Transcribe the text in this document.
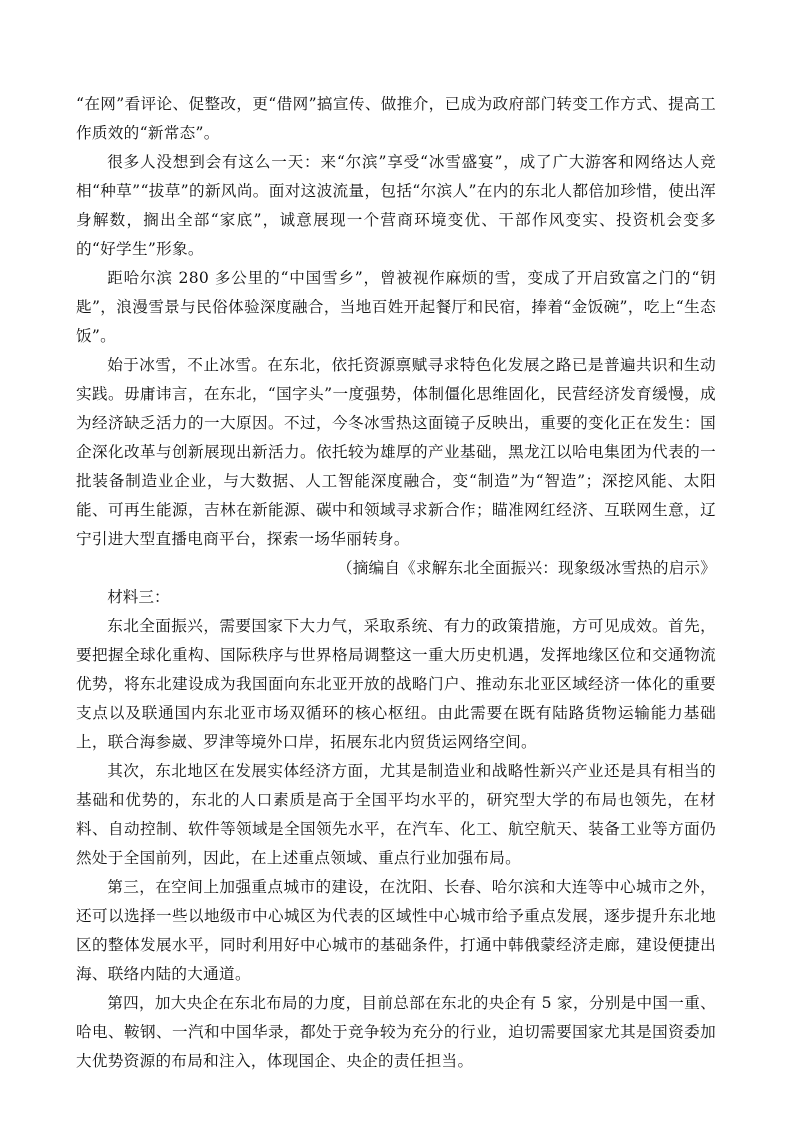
“在网”看评论、促整改，更“借网”搞宣传、做推介，已成为政府部门转变工作方式、提高工作质效的“新常态”。

很多人没想到会有这么一天：来“尔滨”享受“冰雪盛宴”，成了广大游客和网络达人竞相“种草”“拔草”的新风尚。面对这波流量，包括“尔滨人”在内的东北人都倍加珍惜，使出浑身解数，搁出全部“家底”，诚意展现一个营商环境变优、干部作风变实、投资机会变多的“好学生”形象。

距哈尔滨 280 多公里的“中国雪乡”，曾被视作麻烦的雪，变成了开启致富之门的“钥匙”，浪漫雪景与民俗体验深度融合，当地百姓开起餐厅和民宿，捧着“金饭碗”，吃上“生态饭”。

始于冰雪，不止冰雪。在东北，依托资源禀赋寻求特色化发展之路已是普遍共识和生动实践。毋庸讳言，在东北，“国字头”一度强势，体制僵化思维固化，民营经济发育缓慢，成为经济缺乏活力的一大原因。不过，今冬冰雪热这面镜子反映出，重要的变化正在发生：国企深化改革与创新展现出新活力。依托较为雄厚的产业基础，黑龙江以哈电集团为代表的一批装备制造业企业，与大数据、人工智能深度融合，变“制造”为“智造”；深挖风能、太阳能、可再生能源，吉林在新能源、碳中和领域寻求新合作；瞄准网红经济、互联网生意，辽宁引进大型直播电商平台，探索一场华丽转身。

（摘编自《求解东北全面振兴：现象级冰雪热的启示》

材料三：

东北全面振兴，需要国家下大力气，采取系统、有力的政策措施，方可见成效。首先，要把握全球化重构、国际秩序与世界格局调整这一重大历史机遇，发挥地缘区位和交通物流优势，将东北建设成为我国面向东北亚开放的战略门户、推动东北亚区域经济一体化的重要支点以及联通国内东北亚市场双循环的核心枢纽。由此需要在既有陆路货物运输能力基础上，联合海参崴、罗津等境外口岸，拓展东北内贸货运网络空间。

其次，东北地区在发展实体经济方面，尤其是制造业和战略性新兴产业还是具有相当的基础和优势的，东北的人口素质是高于全国平均水平的，研究型大学的布局也领先，在材料、自动控制、软件等领域是全国领先水平，在汽车、化工、航空航天、装备工业等方面仍然处于全国前列，因此，在上述重点领域、重点行业加强布局。

第三，在空间上加强重点城市的建设，在沈阳、长春、哈尔滨和大连等中心城市之外，还可以选择一些以地级市中心城区为代表的区域性中心城市给予重点发展，逐步提升东北地区的整体发展水平，同时利用好中心城市的基础条件，打通中韩俄蒙经济走廊，建设便捷出海、联络内陆的大通道。

第四，加大央企在东北布局的力度，目前总部在东北的央企有 5 家，分别是中国一重、哈电、鞍钢、一汽和中国华录，都处于竞争较为充分的行业，迫切需要国家尤其是国资委加大优势资源的布局和注入，体现国企、央企的责任担当。
